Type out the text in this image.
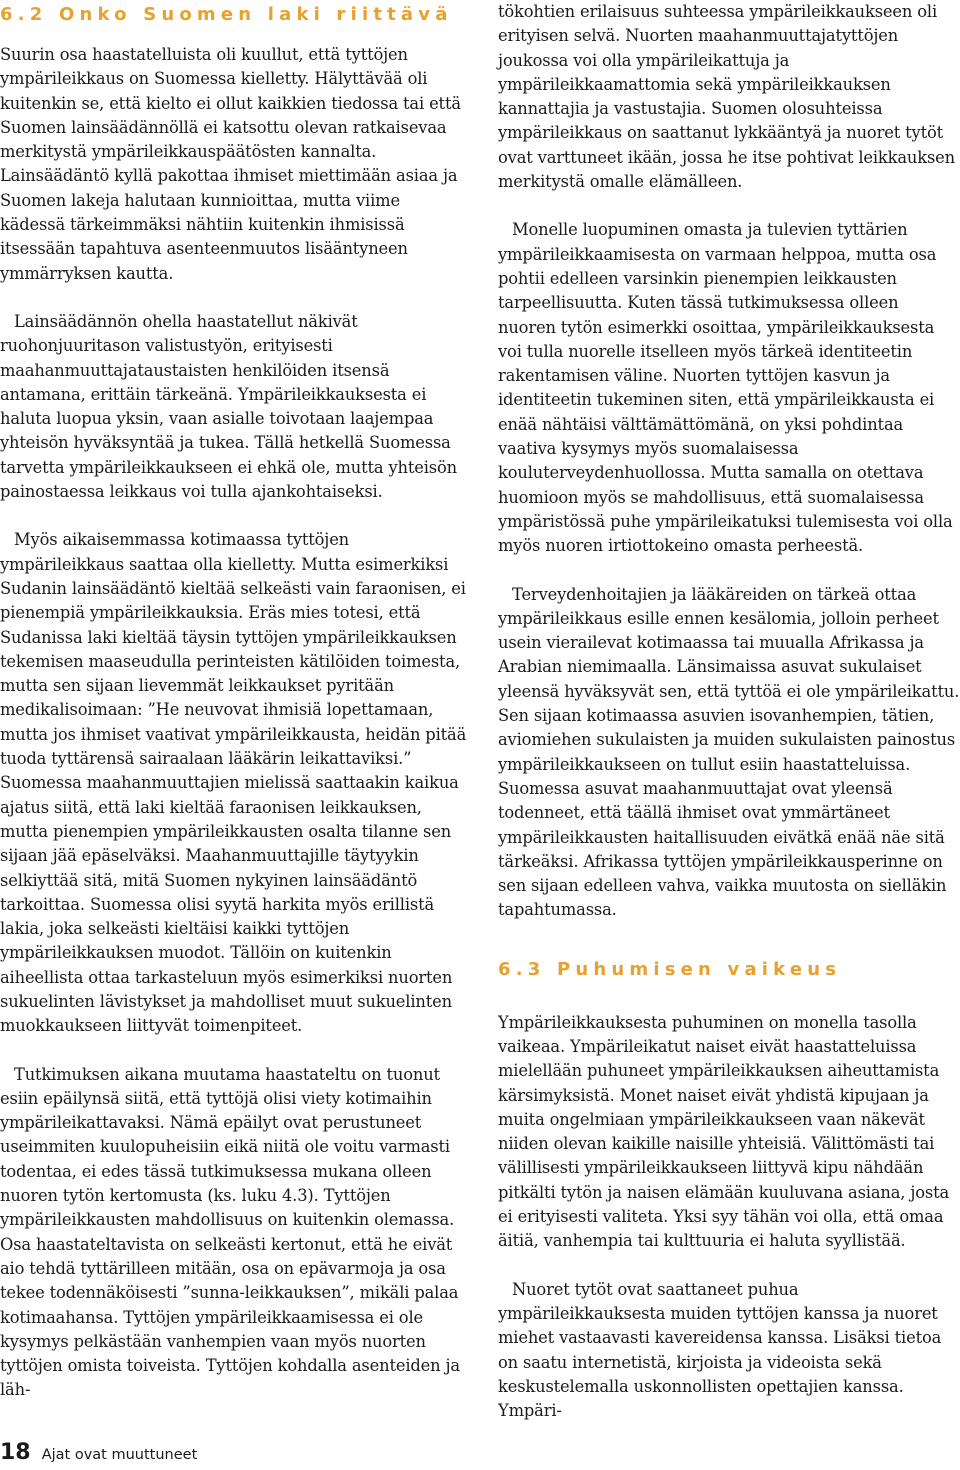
6.2 Onko Suomen laki riittävä

Suurin osa haastatelluista oli kuullut, että tyttöjen ympärileikkaus on Suomessa kielletty. Hälyttävää oli kuitenkin se, että kielto ei ollut kaikkien tiedossa tai että Suomen lainsäädännöllä ei katsottu olevan ratkaisevaa merkitystä ympärileikkauspäätösten kannalta. Lainsäädäntö kyllä pakottaa ihmiset miettimään asiaa ja Suomen lakeja halutaan kunnioittaa, mutta viime kädessä tärkeimmäksi nähtiin kuitenkin ihmisissä itsessään tapahtuva asenteenmuutos lisääntyneen ymmärryksen kautta.

Lainsäädännön ohella haastatellut näkivät ruohonjuuritason valistustyön, erityisesti maahanmuuttajataustaisten henkilöiden itsensä antamana, erittäin tärkeänä. Ympärileikkauksesta ei haluta luopua yksin, vaan asialle toivotaan laajempaa yhteisön hyväksyntää ja tukea. Tällä hetkellä Suomessa tarvetta ympärileikkaukseen ei ehkä ole, mutta yhteisön painostaessa leikkaus voi tulla ajankohtaiseksi.

Myös aikaisemmassa kotimaassa tyttöjen ympärileikkaus saattaa olla kielletty. Mutta esimerkiksi Sudanin lainsäädäntö kieltää selkeästi vain faraonisen, ei pienempiä ympärileikkauksia. Eräs mies totesi, että Sudanissa laki kieltää täysin tyttöjen ympärileikkauksen tekemisen maaseudulla perinteisten kätilöiden toimesta, mutta sen sijaan lievemmät leikkaukset pyritään medikalisoimaan: ”He neuvovat ihmisiä lopettamaan, mutta jos ihmiset vaativat ympärileikkausta, heidän pitää tuoda tyttärensä sairaalaan lääkärin leikattaviksi.” Suomessa maahanmuuttajien mielissä saattaakin kaikua ajatus siitä, että laki kieltää faraonisen leikkauksen, mutta pienempien ympärileikkausten osalta tilanne sen sijaan jää epäselväksi. Maahanmuuttajille täytyykin selkiyttää sitä, mitä Suomen nykyinen lainsäädäntö tarkoittaa. Suomessa olisi syytä harkita myös erillistä lakia, joka selkeästi kieltäisi kaikki tyttöjen ympärileikkauksen muodot. Tällöin on kuitenkin aiheellista ottaa tarkasteluun myös esimerkiksi nuorten sukuelinten lävistykset ja mahdolliset muut sukuelinten muokkaukseen liittyvät toimenpiteet.

Tutkimuksen aikana muutama haastateltu on tuonut esiin epäilynsä siitä, että tyttöjä olisi viety kotimaihin ympärileikattavaksi. Nämä epäilyt ovat perustuneet useimmiten kuulopuheisiin eikä niitä ole voitu varmasti todentaa, ei edes tässä tutkimuksessa mukana olleen nuoren tytön kertomusta (ks. luku 4.3). Tyttöjen ympärileikkausten mahdollisuus on kuitenkin olemassa. Osa haastateltavista on selkeästi kertonut, että he eivät aio tehdä tyttärilleen mitään, osa on epävarmoja ja osa tekee todennäköisesti ”sunna-leikkauksen”, mikäli palaa kotimaahansa. Tyttöjen ympärileikkaamisessa ei ole kysymys pelkästään vanhempien vaan myös nuorten tyttöjen omista toiveista. Tyttöjen kohdalla asenteiden ja läh-

tökohtien erilaisuus suhteessa ympärileikkaukseen oli erityisen selvä. Nuorten maahanmuuttajatyttöjen joukossa voi olla ympärileikattuja ja ympärileikkaamattomia sekä ympärileikkauksen kannattajia ja vastustajia. Suomen olosuhteissa ympärileikkaus on saattanut lykkääntyä ja nuoret tytöt ovat varttuneet ikään, jossa he itse pohtivat leikkauksen merkitystä omalle elämälleen.

Monelle luopuminen omasta ja tulevien tyttärien ympärileikkaamisesta on varmaan helppoa, mutta osa pohtii edelleen varsinkin pienempien leikkausten tarpeellisuutta. Kuten tässä tutkimuksessa olleen nuoren tytön esimerkki osoittaa, ympärileikkauksesta voi tulla nuorelle itselleen myös tärkeä identiteetin rakentamisen väline. Nuorten tyttöjen kasvun ja identiteetin tukeminen siten, että ympärileikkausta ei enää nähtäisi välttämättömänä, on yksi pohdintaa vaativa kysymys myös suomalaisessa kouluterveydenhuollossa. Mutta samalla on otettava huomioon myös se mahdollisuus, että suomalaisessa ympäristössä puhe ympärileikatuksi tulemisesta voi olla myös nuoren irtiottokeino omasta perheestä.

Terveydenhoitajien ja lääkäreiden on tärkeä ottaa ympärileikkaus esille ennen kesälomia, jolloin perheet usein vierailevat kotimaassa tai muualla Afrikassa ja Arabian niemimaalla. Länsimaissa asuvat sukulaiset yleensä hyväksyvät sen, että tyttöä ei ole ympärileikattu. Sen sijaan kotimaassa asuvien isovanhempien, tätien, aviomiehen sukulaisten ja muiden sukulaisten painostus ympärileikkaukseen on tullut esiin haastatteluissa. Suomessa asuvat maahanmuuttajat ovat yleensä todenneet, että täällä ihmiset ovat ymmärtäneet ympärileikkausten haitallisuuden eivätkä enää näe sitä tärkeäksi. Afrikassa tyttöjen ympärileikkausperinne on sen sijaan edelleen vahva, vaikka muutosta on sielläkin tapahtumassa.

6.3 Puhumisen vaikeus

Ympärileikkauksesta puhuminen on monella tasolla vaikeaa. Ympärileikatut naiset eivät haastatteluissa mielellään puhuneet ympärileikkauksen aiheuttamista kärsimyksistä. Monet naiset eivät yhdistä kipujaan ja muita ongelmiaan ympärileikkaukseen vaan näkevät niiden olevan kaikille naisille yhteisiä. Välittömästi tai välillisesti ympärileikkaukseen liittyvä kipu nähdään pitkälti tytön ja naisen elämään kuuluvana asiana, josta ei erityisesti valiteta. Yksi syy tähän voi olla, että omaa äitiä, vanhempia tai kulttuuria ei haluta syyllistää.

Nuoret tytöt ovat saattaneet puhua ympärileikkauksesta muiden tyttöjen kanssa ja nuoret miehet vastaavasti kavereidensa kanssa. Lisäksi tietoa on saatu internetistä, kirjoista ja videoista sekä keskustelemalla uskonnollisten opettajien kanssa. Ympäri-

18 Ajat ovat muuttuneet
